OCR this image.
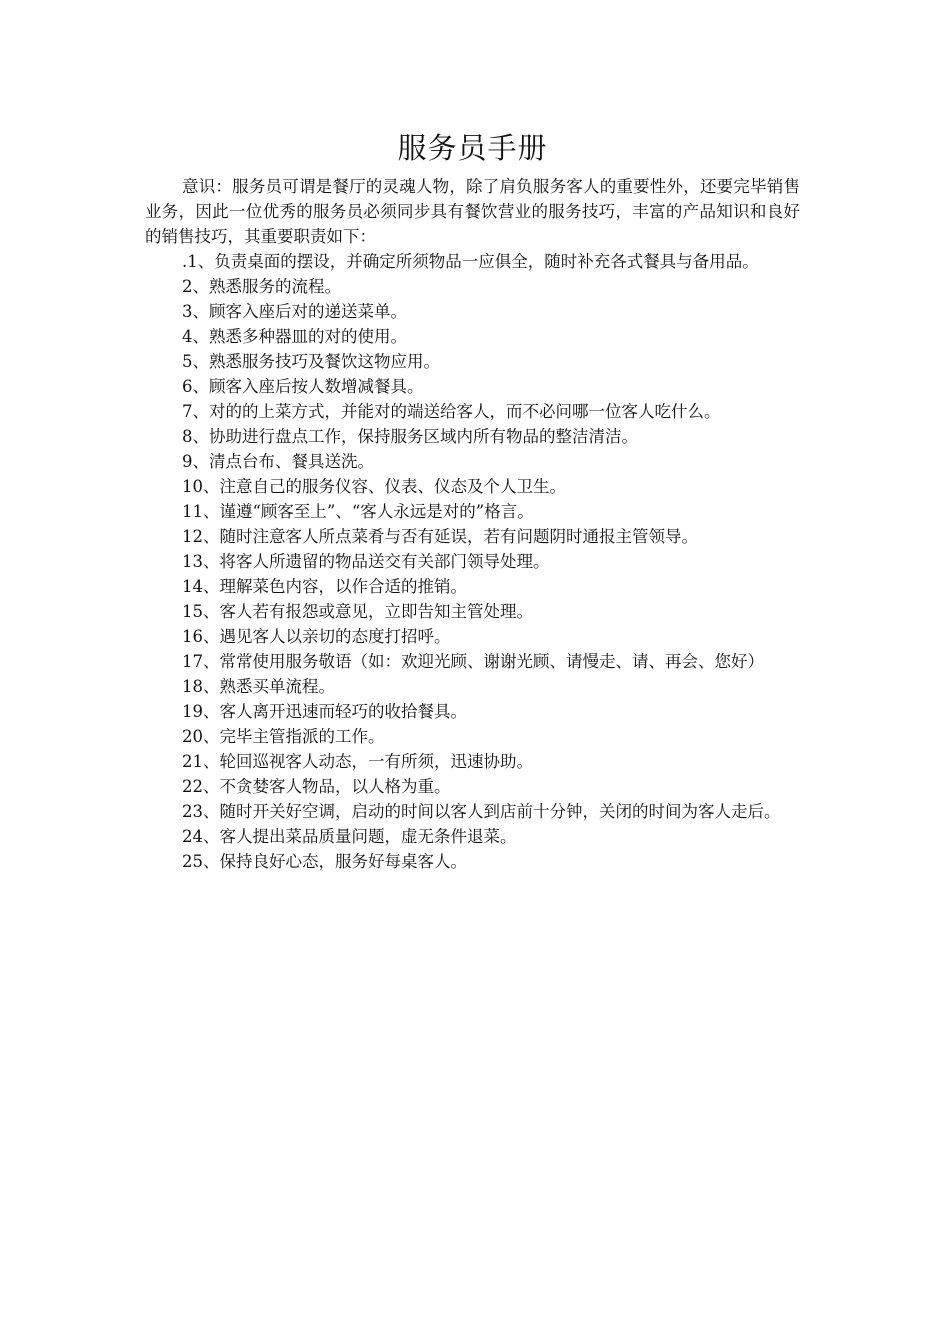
服务员手册

意识：服务员可谓是餐厅的灵魂人物，除了肩负服务客人的重要性外，还要完毕销售业务，因此一位优秀的服务员必须同步具有餐饮营业的服务技巧，丰富的产品知识和良好的销售技巧，其重要职责如下：

.1、负责桌面的摆设，并确定所须物品一应俱全，随时补充各式餐具与备用品。
2、熟悉服务的流程。
3、顾客入座后对的递送菜单。
4、熟悉多种器皿的对的使用。
5、熟悉服务技巧及餐饮这物应用。
6、顾客入座后按人数增减餐具。
7、对的的上菜方式，并能对的端送给客人，而不必问哪一位客人吃什么。
8、协助进行盘点工作，保持服务区域内所有物品的整洁清洁。
9、清点台布、餐具送洗。
10、注意自己的服务仪容、仪表、仪态及个人卫生。
11、谨遵“顾客至上”、“客人永远是对的”格言。
12、随时注意客人所点菜肴与否有延误，若有问题阴时通报主管领导。
13、将客人所遗留的物品送交有关部门领导处理。
14、理解菜色内容，以作合适的推销。
15、客人若有报怨或意见，立即告知主管处理。
16、遇见客人以亲切的态度打招呼。
17、常常使用服务敬语（如：欢迎光顾、谢谢光顾、请慢走、请、再会、您好）
18、熟悉买单流程。
19、客人离开迅速而轻巧的收拾餐具。
20、完毕主管指派的工作。
21、轮回巡视客人动态，一有所须，迅速协助。
22、不贪婪客人物品，以人格为重。
23、随时开关好空调，启动的时间以客人到店前十分钟，关闭的时间为客人走后。
24、客人提出菜品质量问题，虚无条件退菜。
25、保持良好心态，服务好每桌客人。
